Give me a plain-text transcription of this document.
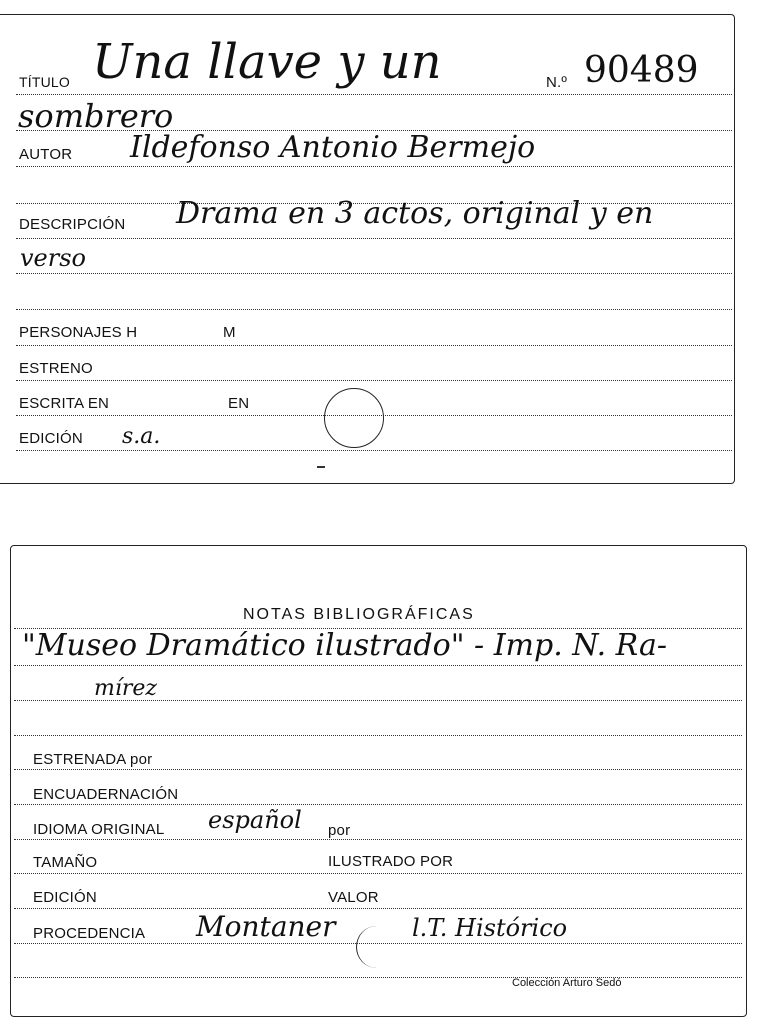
TÍTULO Una llave y un	N.º 90489
sombrero
AUTOR Ildefonso Antonio Bermejo
DESCRIPCIÓN Drama en 3 actos, original y en
verso
PERSONAJES H	M
ESTRENO
ESCRITA EN	EN
EDICIÓN s.a.
NOTAS BIBLIOGRÁFICAS
"Museo Dramático ilustrado" - Imp. N. Ra-
mírez
ESTRENADA por
ENCUADERNACIÓN
IDIOMA ORIGINAL español por
TAMAÑO	ILUSTRADO POR
EDICIÓN	VALOR
PROCEDENCIA Montaner	l.T. Histórico
Colección Arturo Sedó
